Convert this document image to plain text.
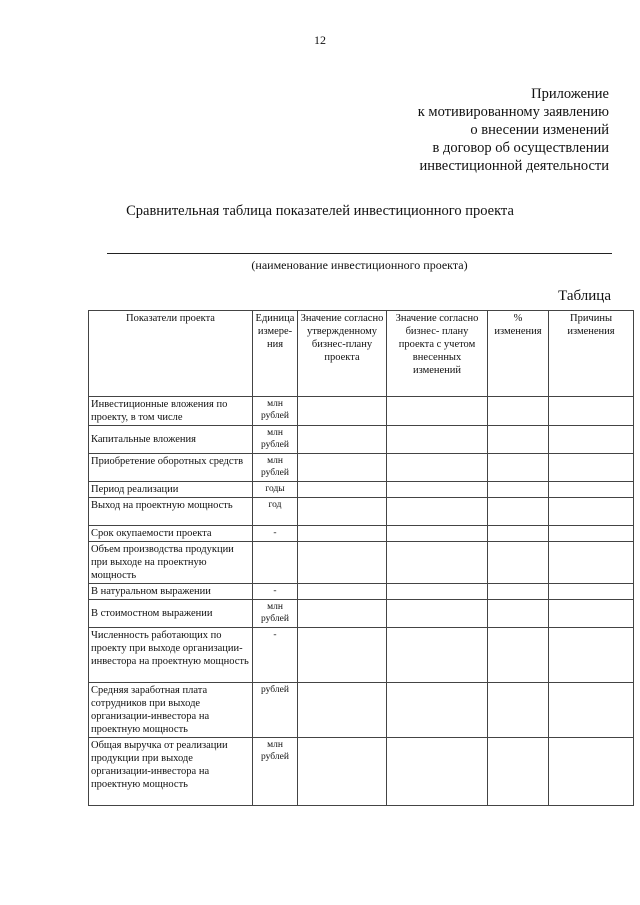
12
Приложение
к мотивированному заявлению
о внесении изменений
в договор об осуществлении
инвестиционной деятельности
Сравнительная таблица показателей инвестиционного проекта
(наименование инвестиционного проекта)
Таблица
Показатели проекта	Единица измере- ния	Значение согласно утвержденному бизнес-плану проекта	Значение согласно бизнес- плану проекта с учетом внесенных изменений	% изменения	Причины изменения
Инвестиционные вложения по проекту, в том числе	млн рублей				
Капитальные вложения	млн рублей				
Приобретение оборотных средств	млн рублей				
Период реализации	годы				
Выход на проектную мощность	год				
Срок окупаемости проекта	-				
Объем производства продукции при выходе на проектную мощность					
В натуральном выражении	-				
В стоимостном выражении	млн рублей				
Численность работающих по проекту при выходе организации-инвестора на проектную мощность	-				
Средняя заработная плата сотрудников при выходе организации-инвестора на проектную мощность	рублей				
Общая выручка от реализации продукции при выходе организации-инвестора на проектную мощность	млн рублей				
